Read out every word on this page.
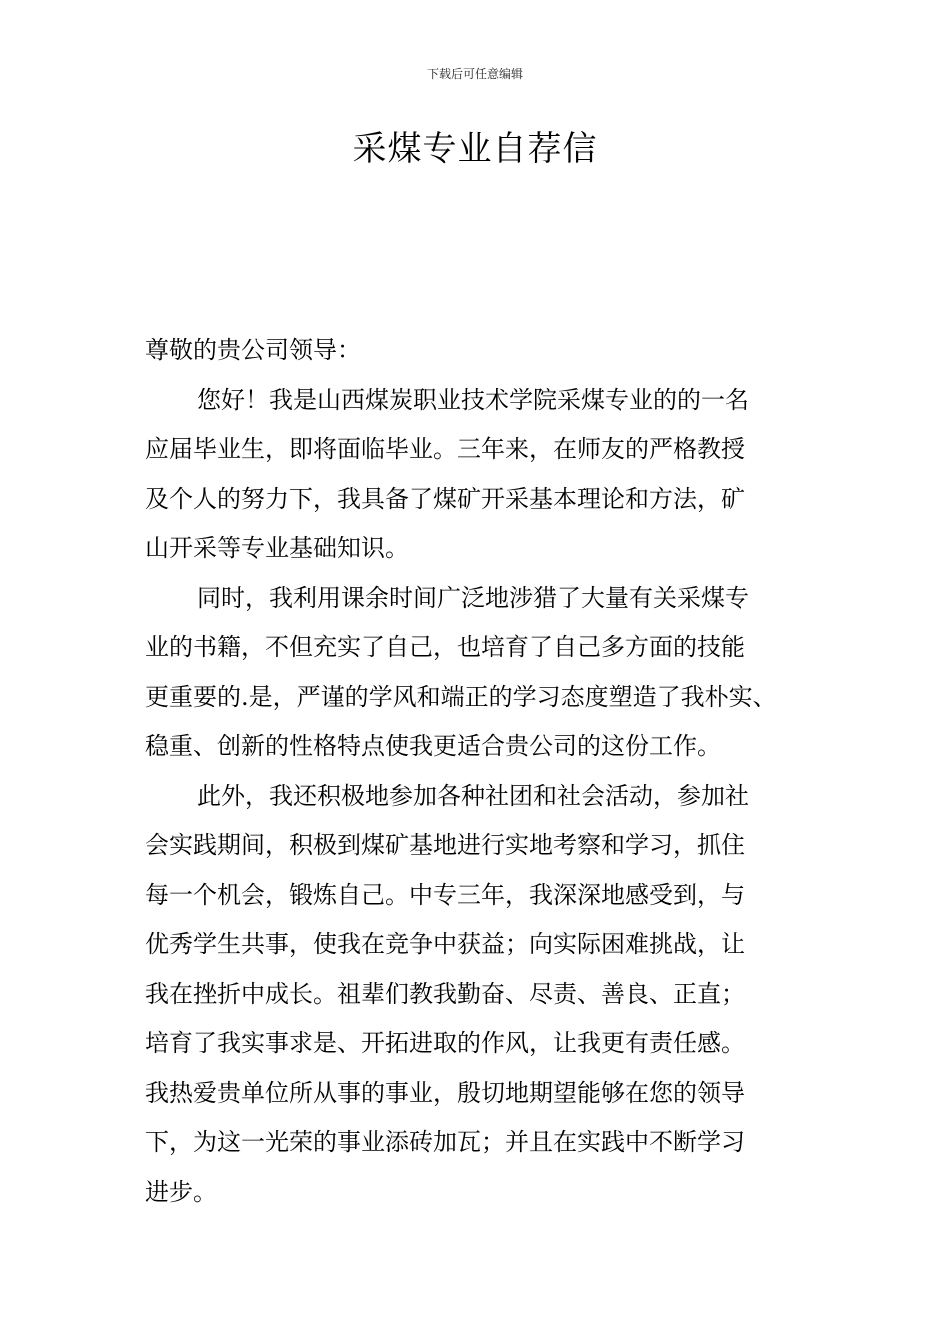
下载后可任意编辑
采煤专业自荐信
尊敬的贵公司领导：
您好！我是山西煤炭职业技术学院采煤专业的的一名
应届毕业生，即将面临毕业。三年来，在师友的严格教授
及个人的努力下，我具备了煤矿开采基本理论和方法，矿
山开采等专业基础知识。
同时，我利用课余时间广泛地涉猎了大量有关采煤专
业的书籍，不但充实了自己，也培育了自己多方面的技能
更重要的.是，严谨的学风和端正的学习态度塑造了我朴实、
稳重、创新的性格特点使我更适合贵公司的这份工作。
此外，我还积极地参加各种社团和社会活动，参加社
会实践期间，积极到煤矿基地进行实地考察和学习，抓住
每一个机会，锻炼自己。中专三年，我深深地感受到，与
优秀学生共事，使我在竞争中获益；向实际困难挑战，让
我在挫折中成长。祖辈们教我勤奋、尽责、善良、正直；
培育了我实事求是、开拓进取的作风，让我更有责任感。
我热爱贵单位所从事的事业，殷切地期望能够在您的领导
下，为这一光荣的事业添砖加瓦；并且在实践中不断学习
进步。
